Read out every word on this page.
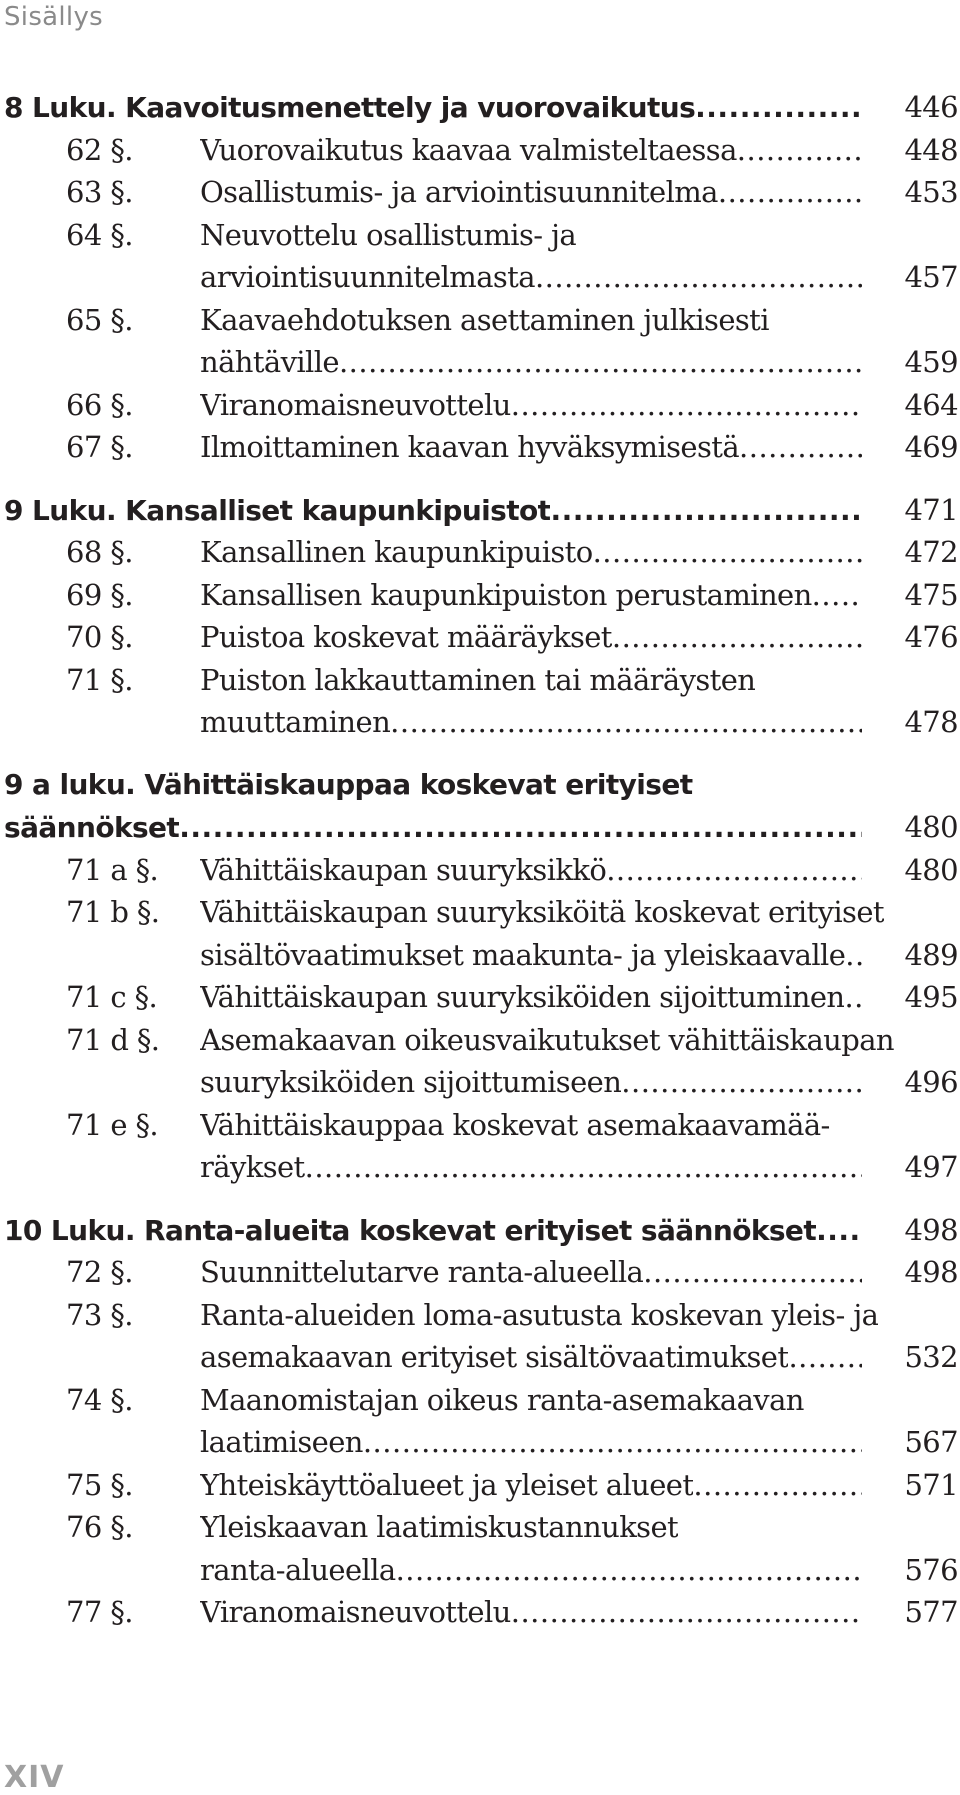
Sisällys
8 Luku. Kaavoitusmenettely ja vuorovaikutus .....	446
62 §.	Vuorovaikutus kaavaa valmisteltaessa .....	448
63 §.	Osallistumis- ja arviointisuunnitelma .....	453
64 §.	Neuvottelu osallistumis- ja
arviointisuunnitelmasta .....	457
65 §.	Kaavaehdotuksen asettaminen julkisesti
nähtäville .....	459
66 §.	Viranomaisneuvottelu .....	464
67 §.	Ilmoittaminen kaavan hyväksymisestä .....	469
9 Luku. Kansalliset kaupunkipuistot .....	471
68 §.	Kansallinen kaupunkipuisto .....	472
69 §.	Kansallisen kaupunkipuiston perustaminen .....	475
70 §.	Puistoa koskevat määräykset .....	476
71 §.	Puiston lakkauttaminen tai määräysten
muuttaminen .....	478
9 a luku. Vähittäiskauppaa koskevat erityiset
säännökset .....	480
71 a §.	Vähittäiskaupan suuryksikkö .....	480
71 b §.	Vähittäiskaupan suuryksiköitä koskevat erityiset
sisältövaatimukset maakunta- ja yleiskaavalle .....	489
71 c §.	Vähittäiskaupan suuryksiköiden sijoittuminen .....	495
71 d §.	Asemakaavan oikeusvaikutukset vähittäiskaupan
suuryksiköiden sijoittumiseen .....	496
71 e §.	Vähittäiskauppaa koskevat asemakaavamää-
räykset .....	497
10 Luku. Ranta-alueita koskevat erityiset säännökset .....	498
72 §.	Suunnittelutarve ranta-alueella .....	498
73 §.	Ranta-alueiden loma-asutusta koskevan yleis- ja
asemakaavan erityiset sisältövaatimukset .....	532
74 §.	Maanomistajan oikeus ranta-asemakaavan
laatimiseen .....	567
75 §.	Yhteiskäyttöalueet ja yleiset alueet .....	571
76 §.	Yleiskaavan laatimiskustannukset
ranta-alueella .....	576
77 §.	Viranomaisneuvottelu .....	577
XIV
